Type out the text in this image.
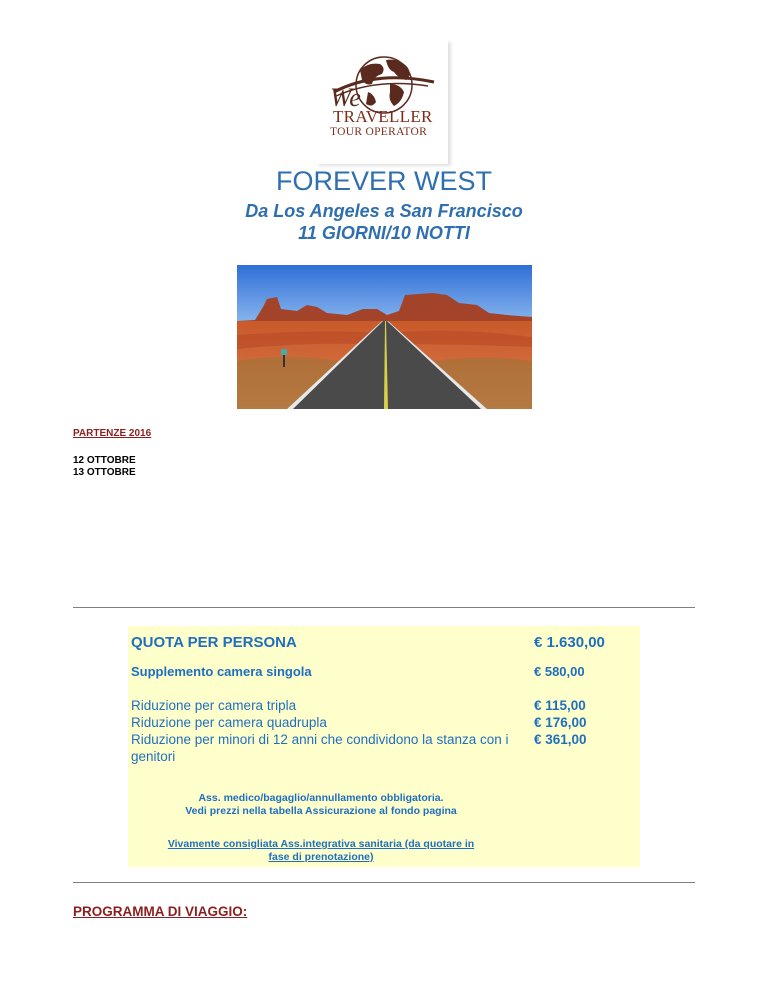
We
TRAVELLER
TOUR OPERATOR
FOREVER WEST
Da Los Angeles a San Francisco
11 GIORNI/10 NOTTI
PARTENZE 2016
12 OTTOBRE
13 OTTOBRE
QUOTA PER PERSONA	€ 1.630,00
Supplemento camera singola	€ 580,00
Riduzione per camera tripla	€ 115,00
Riduzione per camera quadrupla	€ 176,00
Riduzione per minori di 12 anni che condividono la stanza con i	€ 361,00
genitori
Ass. medico/bagaglio/annullamento obbligatoria.
Vedi prezzi nella tabella Assicurazione al fondo pagina
Vivamente consigliata Ass.integrativa sanitaria (da quotare in
fase di prenotazione)
PROGRAMMA DI VIAGGIO:
